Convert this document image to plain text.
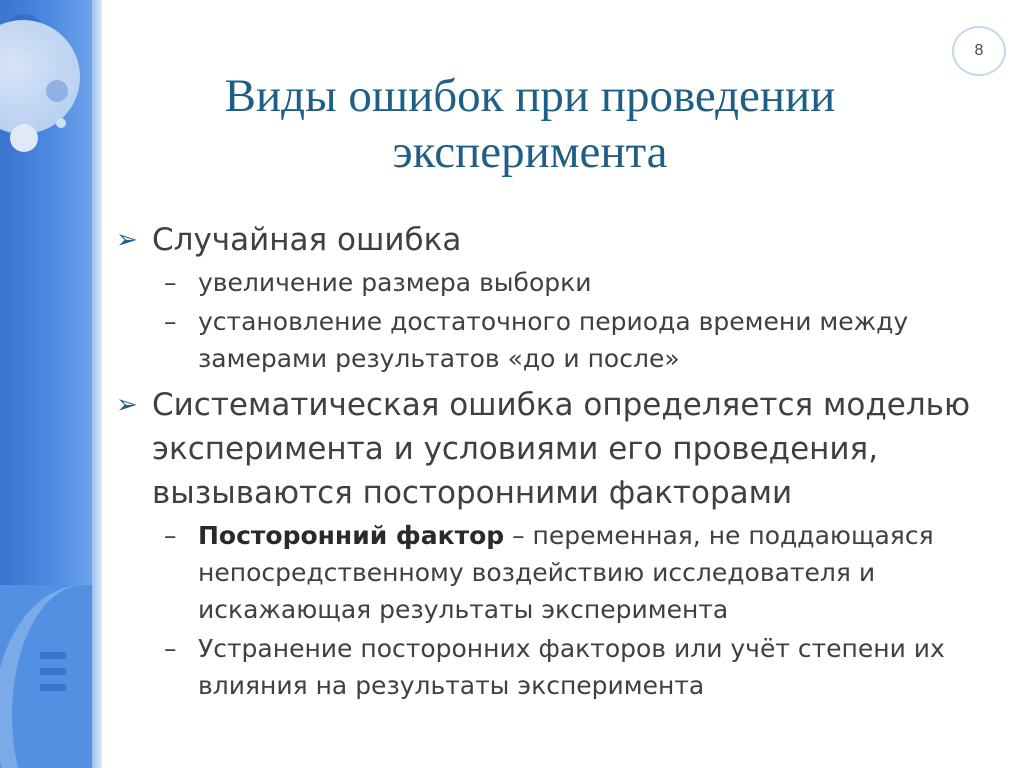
8
Виды ошибок при проведении эксперимента
➢ Случайная ошибка
– увеличение размера выборки
– установление достаточного периода времени между замерами результатов «до и после»
➢ Систематическая ошибка определяется моделью эксперимента и условиями его проведения, вызываются посторонними факторами
– Посторонний фактор – переменная, не поддающаяся непосредственному воздействию исследователя и искажающая результаты эксперимента
– Устранение посторонних факторов или учёт степени их влияния на результаты эксперимента
